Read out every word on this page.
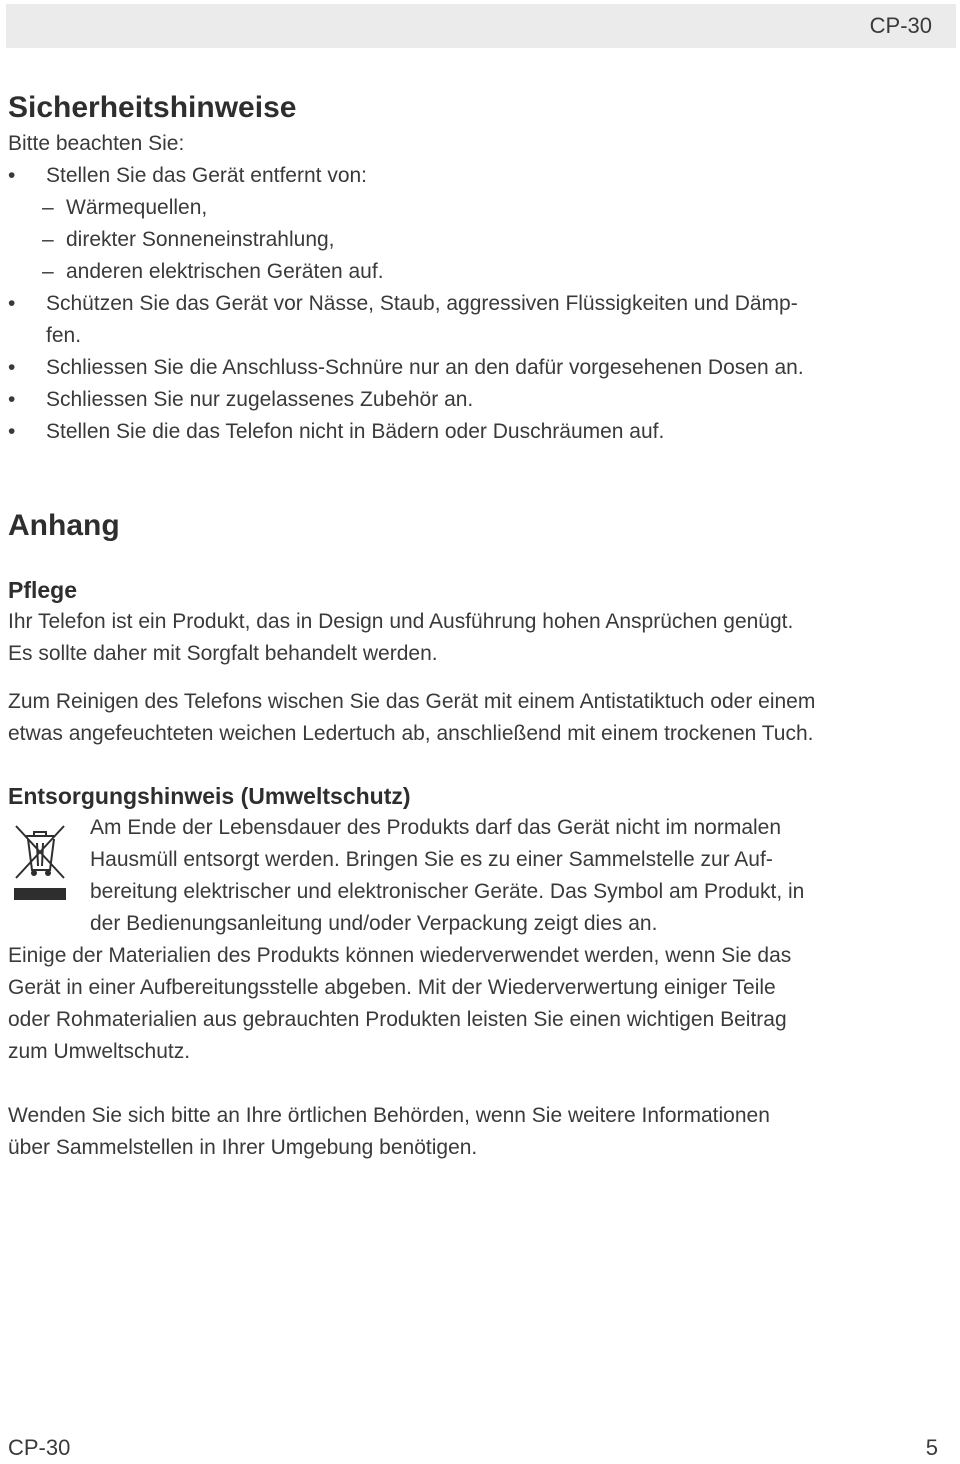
CP-30
Sicherheitshinweise

Bitte beachten Sie:

• Stellen Sie das Gerät entfernt von:
– Wärmequellen,
– direkter Sonneneinstrahlung,
– anderen elektrischen Geräten auf.
• Schützen Sie das Gerät vor Nässe, Staub, aggressiven Flüssigkeiten und Dämp-
fen.
• Schliessen Sie die Anschluss-Schnüre nur an den dafür vorgesehenen Dosen an.
• Schliessen Sie nur zugelassenes Zubehör an.
• Stellen Sie die das Telefon nicht in Bädern oder Duschräumen auf.
Anhang
Pflege

Ihr Telefon ist ein Produkt, das in Design und Ausführung hohen Ansprüchen genügt.

Es sollte daher mit Sorgfalt behandelt werden.

Zum Reinigen des Telefons wischen Sie das Gerät mit einem Antistatiktuch oder einem

etwas angefeuchteten weichen Ledertuch ab, anschließend mit einem trockenen Tuch.

Entsorgungshinweis (Umweltschutz)

Am Ende der Lebensdauer des Produkts darf das Gerät nicht im normalen

Hausmüll entsorgt werden. Bringen Sie es zu einer Sammelstelle zur Auf-

bereitung elektrischer und elektronischer Geräte. Das Symbol am Produkt, in

der Bedienungsanleitung und/oder Verpackung zeigt dies an.

Einige der Materialien des Produkts können wiederverwendet werden, wenn Sie das

Gerät in einer Aufbereitungsstelle abgeben. Mit der Wiederverwertung einiger Teile

oder Rohmaterialien aus gebrauchten Produkten leisten Sie einen wichtigen Beitrag

zum Umweltschutz.

Wenden Sie sich bitte an Ihre örtlichen Behörden, wenn Sie weitere Informationen

über Sammelstellen in Ihrer Umgebung benötigen.

CP-30	5
